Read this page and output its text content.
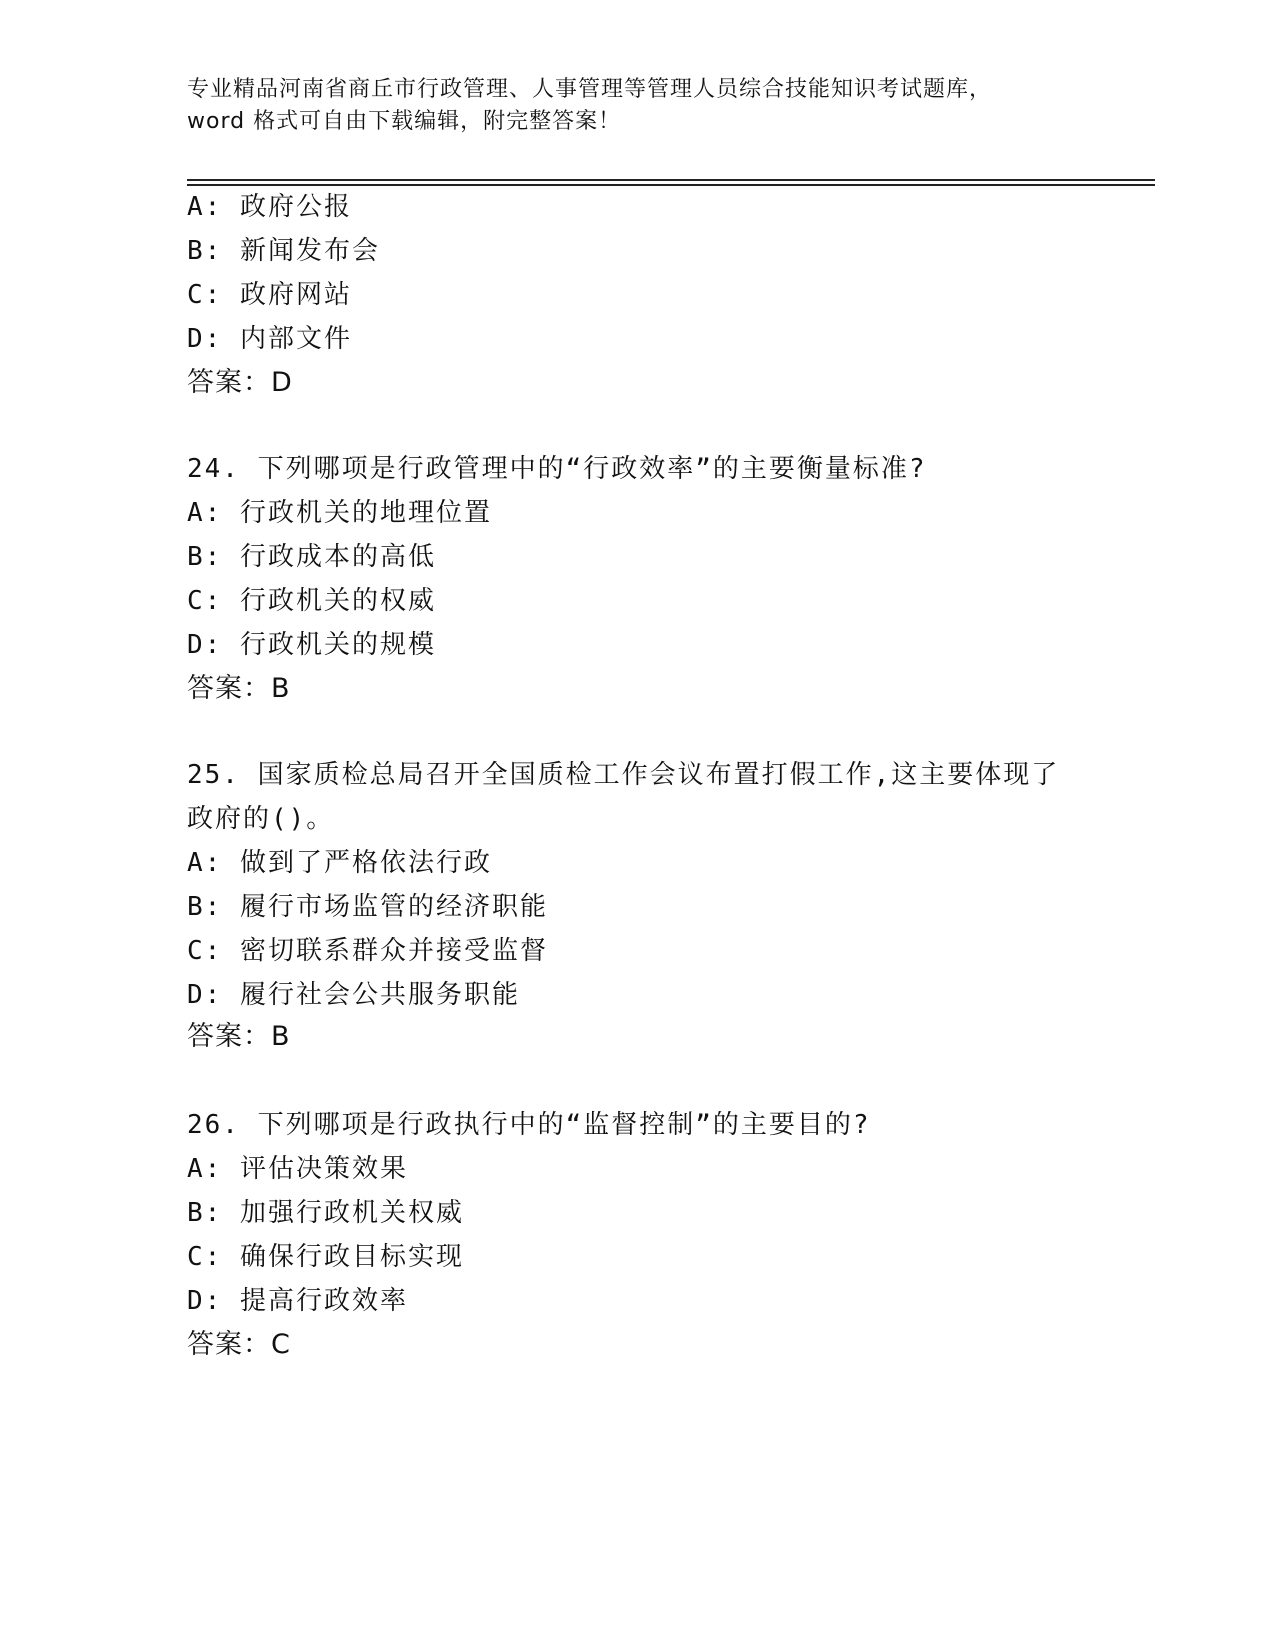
专业精品河南省商丘市行政管理、人事管理等管理人员综合技能知识考试题库，
word 格式可自由下载编辑，附完整答案！
A: 政府公报
B: 新闻发布会
C: 政府网站
D: 内部文件
答案：D
24. 下列哪项是行政管理中的“行政效率”的主要衡量标准?
A: 行政机关的地理位置
B: 行政成本的高低
C: 行政机关的权威
D: 行政机关的规模
答案：B
25. 国家质检总局召开全国质检工作会议布置打假工作,这主要体现了
政府的()。
A: 做到了严格依法行政
B: 履行市场监管的经济职能
C: 密切联系群众并接受监督
D: 履行社会公共服务职能
答案：B
26. 下列哪项是行政执行中的“监督控制”的主要目的?
A: 评估决策效果
B: 加强行政机关权威
C: 确保行政目标实现
D: 提高行政效率
答案：C
